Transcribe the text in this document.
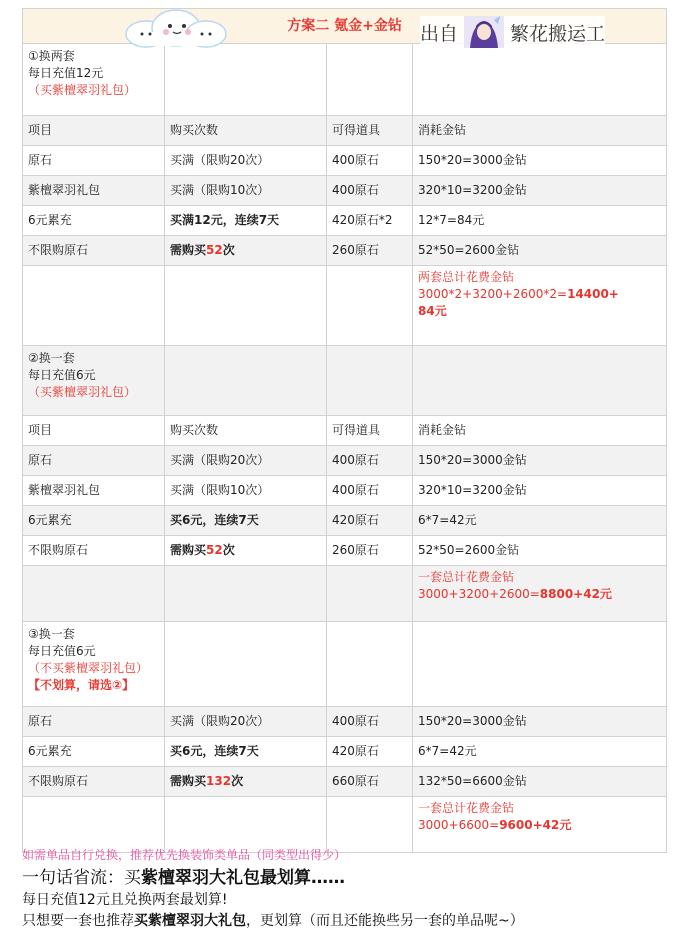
方案二 氪金+金钻			

①换两套
每日充值12元
（买紫檀翠羽礼包）			

项目	购买次数	可得道具	消耗金钻
原石	买满（限购20次）	400原石	150*20=3000金钻
紫檀翠羽礼包	买满（限购10次）	400原石	320*10=3200金钻
6元累充	买满12元，连续7天	420原石*2	12*7=84元
不限购原石	需购买52次	260原石	52*50=2600金钻

			两套总计花费金钻
3000*2+3200+2600*2=14400+
84元

②换一套
每日充值6元
（买紫檀翠羽礼包）			

项目	购买次数	可得道具	消耗金钻
原石	买满（限购20次）	400原石	150*20=3000金钻
紫檀翠羽礼包	买满（限购10次）	400原石	320*10=3200金钻
6元累充	买6元，连续7天	420原石	6*7=42元
不限购原石	需购买52次	260原石	52*50=2600金钻

			一套总计花费金钻
3000+3200+2600=8800+42元

③换一套
每日充值6元
（不买紫檀翠羽礼包）
【不划算，请选②】			

原石	买满（限购20次）	400原石	150*20=3000金钻
6元累充	买6元，连续7天	420原石	6*7=42元
不限购原石	需购买132次	660原石	132*50=6600金钻

			一套总计花费金钻
3000+6600=9600+42元
出自	繁花搬运工
如需单品自行兑换，推荐优先换装饰类单品（同类型出得少）
一句话省流：买紫檀翠羽大礼包最划算……
每日充值12元且兑换两套最划算!
只想要一套也推荐买紫檀翠羽大礼包，更划算（而且还能换些另一套的单品呢~）
